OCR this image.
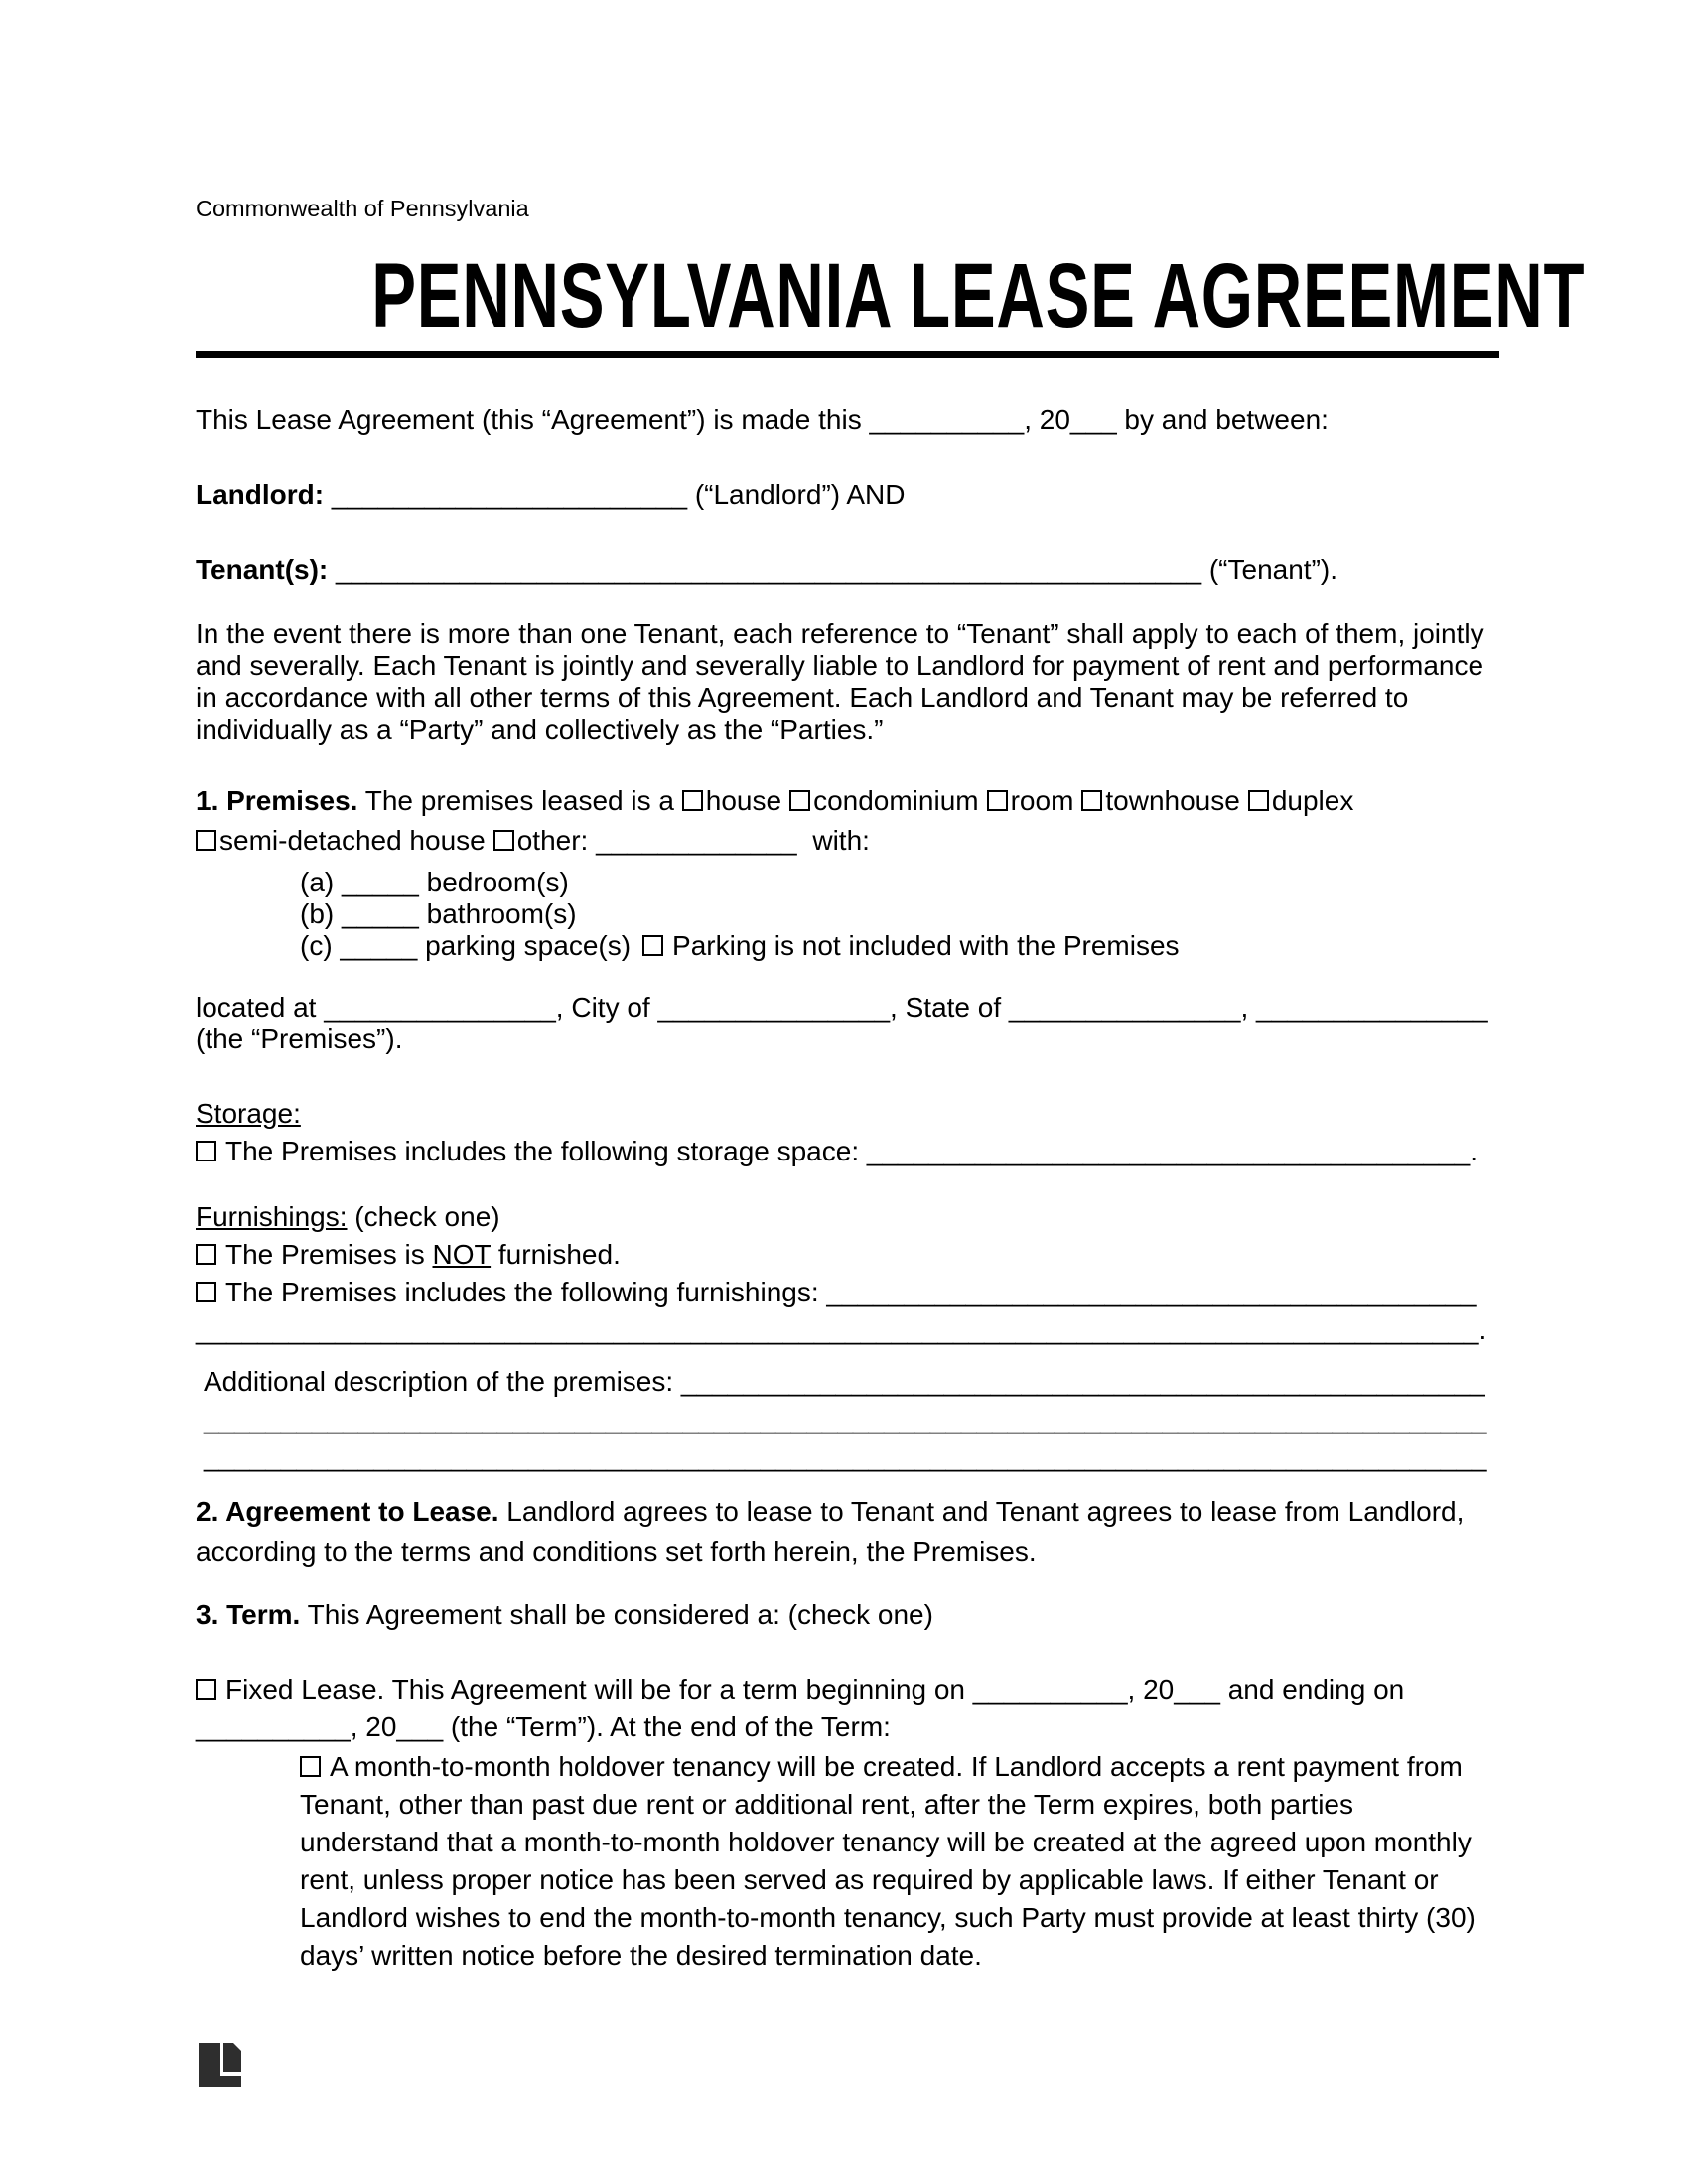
Commonwealth of Pennsylvania

PENNSYLVANIA LEASE AGREEMENT

This Lease Agreement (this “Agreement”) is made this __________, 20___ by and between:

Landlord: _______________________ (“Landlord”) AND

Tenant(s): ________________________________________________________ (“Tenant”).

In the event there is more than one Tenant, each reference to “Tenant” shall apply to each of them, jointly and severally. Each Tenant is jointly and severally liable to Landlord for payment of rent and performance in accordance with all other terms of this Agreement. Each Landlord and Tenant may be referred to individually as a “Party” and collectively as the “Parties.”

1. Premises. The premises leased is a house condominium room townhouse duplex
semi-detached house other: _____________ with:

(a) _____ bedroom(s)

(b) _____ bathroom(s)

(c) _____ parking space(s) Parking is not included with the Premises

located at _______________, City of _______________, State of _______________, _______________ (the “Premises”).

Storage:

The Premises includes the following storage space: _______________________________________.

Furnishings: (check one)

The Premises is NOT furnished.

The Premises includes the following furnishings: __________________________________________
___________________________________________________________________________________.

Additional description of the premises: ____________________________________________________

___________________________________________________________________________________

___________________________________________________________________________________

2. Agreement to Lease. Landlord agrees to lease to Tenant and Tenant agrees to lease from Landlord, according to the terms and conditions set forth herein, the Premises.

3. Term. This Agreement shall be considered a: (check one)

Fixed Lease. This Agreement will be for a term beginning on __________, 20___ and ending on __________, 20___ (the “Term”). At the end of the Term:

A month-to-month holdover tenancy will be created. If Landlord accepts a rent payment from Tenant, other than past due rent or additional rent, after the Term expires, both parties understand that a month-to-month holdover tenancy will be created at the agreed upon monthly rent, unless proper notice has been served as required by applicable laws. If either Tenant or Landlord wishes to end the month-to-month tenancy, such Party must provide at least thirty (30) days’ written notice before the desired termination date.
